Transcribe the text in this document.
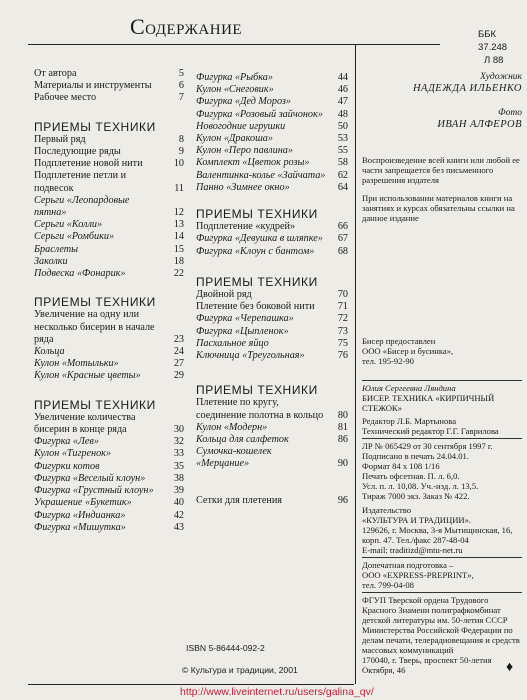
Содержание	ББК 37.248
Л 88
От автора	5
Материалы и инструменты	6
Рабочее место	7
ПРИЕМЫ ТЕХНИКИ
Первый ряд	8
Последующие ряды	9
Подплетение новой нити	10
Подплетение петли и подвесок	11
Серьги «Леопардовые пятна»	12
Серьги «Колли»	13
Серьги «Ромбики»	14
Браслеты	15
Заколки	18
Подвеска «Фонарик»	22
ПРИЕМЫ ТЕХНИКИ
Увеличение на одну или несколько бисерин в начале ряда	23
Кольца	24
Кулон «Мотыльки»	27
Кулон «Красные цветы»	29
ПРИЕМЫ ТЕХНИКИ
Увеличение количества бисерин в конце ряда	30
Фигурка «Лев»	32
Кулон «Тигренок»	33
Фигурки котов	35
Фигурка «Веселый клоун»	38
Фигурка «Грустный клоун» 39
Украшение «Букетик»	40
Фигурка «Индианка»	42
Фигурка «Мишутка»	43
Фигурка «Рыбка»	44
Кулон «Снеговик»	46
Фигурка «Дед Мороз»	47
Фигурка «Розовый зайчонок» 48
Новогодние игрушки	50
Кулон «Дракоша»	53
Кулон «Перо павлина»	55
Комплект «Цветок розы»	58
Валентинка-колье «Зайчата» 62
Панно «Зимнее окно»	64
ПРИЕМЫ ТЕХНИКИ
Подплетение «кудрей»	66
Фигурка «Девушка в шляпке» 67
Фигурка «Клоун с бантом» 68
ПРИЕМЫ ТЕХНИКИ
Двойной ряд	70
Плетение без боковой нити 71
Фигурка «Черепашка»	72
Фигурка «Цыпленок»	73
Пасхальное яйцо	75
Ключница «Треугольная»	76
ПРИЕМЫ ТЕХНИКИ
Плетение по кругу, соединение полотна в кольцо 80
Кулон «Модерн»	81
Кольца для салфеток	86
Сумочка-кошелек «Мерцание»	90
Сетки для плетения	96
Художник
НАДЕЖДА ИЛЬЕНКО
Фото
ИВАН АЛФЕРОВ
Воспроизведение всей книги или любой ее части запрещается без письменного разрешения издателя
При использовании материалов книги на занятиях и курсах обязательны ссылки на данное издание
Бисер предоставлен
ООО «Бисер и бусинка»,
тел. 195-92-90
Юлия Сергеевна Ляндина
БИСЕР. ТЕХНИКА «КИРПИЧНЫЙ СТЕЖОК»
Редактор Л.Б. Мартынова
Технический редактор Г.Г. Гаврилова
ЛР № 065429 от 30 сентября 1997 г.
Подписано в печать 24.04.01.
Формат 84 х 108 1/16
Печать офсетная. П. л. 6,0.
Усл. п. л. 10,08. Уч.-изд. л. 13,5.
Тираж 7000 экз. Заказ № 422.
Издательство
«КУЛЬТУРА И ТРАДИЦИИ».
129626, г. Москва, 3-я Мытищинская, 16,
корп. 47. Тел./факс 287-48-04
E-mail: traditizd@mtu-net.ru
Допечатная подготовка –
ООО «EXPRESS-PREPRINT»,
тел. 799-04-08
ФГУП Тверской ордена Трудового Красного Знамени полиграфкомбинат детской литературы им. 50-летия СССР Министерства Российской Федерации по делам печати, телерадиовещания и средств массовых коммуникаций
170040, г. Тверь, проспект 50-летия Октября, 46
ISBN 5-86444-092-2
© Культура и традиции, 2001
http://www.liveinternet.ru/users/galina_qv/
♦
